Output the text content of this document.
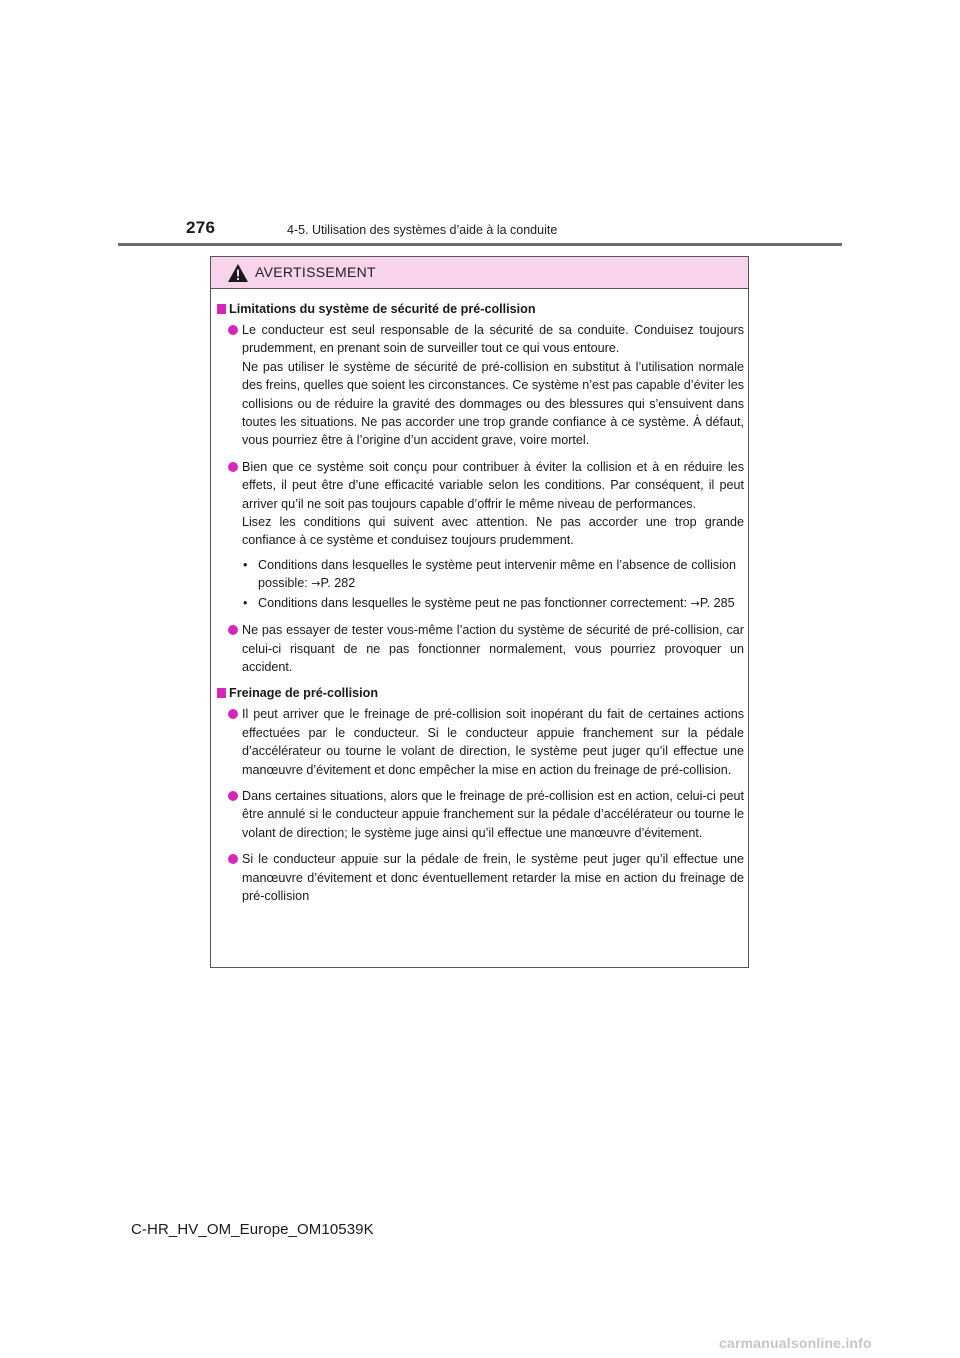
276	4-5. Utilisation des systèmes d’aide à la conduite
AVERTISSEMENT
Limitations du système de sécurité de pré-collision

Le conducteur est seul responsable de la sécurité de sa conduite. Conduisez toujours prudemment, en prenant soin de surveiller tout ce qui vous entoure.

Ne pas utiliser le système de sécurité de pré-collision en substitut à l’utilisation normale des freins, quelles que soient les circonstances. Ce système n’est pas capable d’éviter les collisions ou de réduire la gravité des dommages ou des blessures qui s’ensuivent dans toutes les situations. Ne pas accorder une trop grande confiance à ce système. À défaut, vous pourriez être à l’origine d’un accident grave, voire mortel.

Bien que ce système soit conçu pour contribuer à éviter la collision et à en réduire les effets, il peut être d’une efficacité variable selon les conditions. Par conséquent, il peut arriver qu’il ne soit pas toujours capable d’offrir le même niveau de performances.

Lisez les conditions qui suivent avec attention. Ne pas accorder une trop grande confiance à ce système et conduisez toujours prudemment.

• Conditions dans lesquelles le système peut intervenir même en l’absence de collision possible: →P. 282
• Conditions dans lesquelles le système peut ne pas fonctionner correctement: →P. 285

Ne pas essayer de tester vous-même l’action du système de sécurité de pré-collision, car celui-ci risquant de ne pas fonctionner normalement, vous pourriez provoquer un accident.

Freinage de pré-collision

Il peut arriver que le freinage de pré-collision soit inopérant du fait de certaines actions effectuées par le conducteur. Si le conducteur appuie franchement sur la pédale d’accélérateur ou tourne le volant de direction, le système peut juger qu’il effectue une manœuvre d’évitement et donc empêcher la mise en action du freinage de pré-collision.

Dans certaines situations, alors que le freinage de pré-collision est en action, celui-ci peut être annulé si le conducteur appuie franchement sur la pédale d’accélérateur ou tourne le volant de direction; le système juge ainsi qu’il effectue une manœuvre d’évitement.

Si le conducteur appuie sur la pédale de frein, le système peut juger qu’il effectue une manœuvre d’évitement et donc éventuellement retarder la mise en action du freinage de pré-collision

C-HR_HV_OM_Europe_OM10539K
carmanualsonline.info
